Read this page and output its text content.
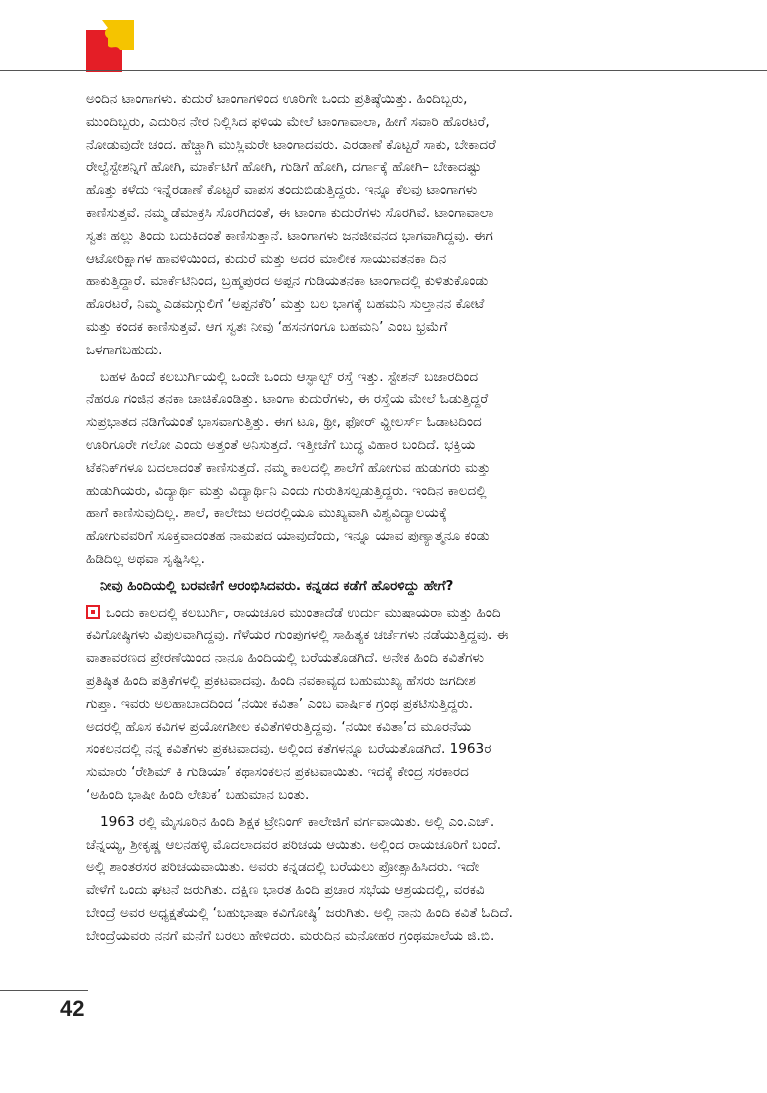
ಅಂದಿನ ಟಾಂಗಾಗಳು. ಕುದುರೆ ಟಾಂಗಾಗಳಿಂದ ಊರಿಗೇ ಒಂದು ಪ್ರತಿಷ್ಠೆಯಿತ್ತು. ಹಿಂದಿಬ್ಬರು,
ಮುಂದಿಬ್ಬರು, ಎದುರಿನ ನೇರ ನಿಲ್ಲಿಸಿದ ಫಳಿಯ ಮೇಲೆ ಟಾಂಗಾವಾಲಾ, ಹೀಗೆ ಸವಾರಿ ಹೊರಟರೆ,
ನೋಡುವುದೇ ಚಂದ. ಹೆಚ್ಚಾಗಿ ಮುಸ್ಲಿಮರೇ ಟಾಂಗಾದವರು. ಎರಡಾಣೆ ಕೊಟ್ಟರೆ ಸಾಕು, ಬೇಕಾದರೆ
ರೇಲ್ವೆಸ್ಟೇಶನ್ನಿಗೆ ಹೋಗಿ, ಮಾರ್ಕೆಟಿಗೆ ಹೋಗಿ, ಗುಡಿಗೆ ಹೋಗಿ, ದರ್ಗಾಕ್ಕೆ ಹೋಗಿ– ಬೇಕಾದಷ್ಟು
ಹೊತ್ತು ಕಳೆದು ಇನ್ನೆರಡಾಣೆ ಕೊಟ್ಟರೆ ವಾಪಸ ತಂದುಬಿಡುತ್ತಿದ್ದರು. ಇನ್ನೂ ಕೆಲವು ಟಾಂಗಾಗಳು
ಕಾಣಿಸುತ್ತವೆ. ನಮ್ಮ ಡೆಮಾಕ್ರಸಿ ಸೊರಗಿದಂತೆ, ಈ ಟಾಂಗಾ ಕುದುರೆಗಳು ಸೊರಗಿವೆ. ಟಾಂಗಾವಾಲಾ
ಸ್ವತಃ ಹಲ್ಲು ತಿಂದು ಬದುಕಿದಂತೆ ಕಾಣಿಸುತ್ತಾನೆ. ಟಾಂಗಾಗಳು ಜನಜೀವನದ ಭಾಗವಾಗಿದ್ದವು. ಈಗ
ಆಟೋರಿಕ್ಷಾಗಳ ಹಾವಳಿಯಿಂದ, ಕುದುರೆ ಮತ್ತು ಅದರ ಮಾಲೀಕ ಸಾಯುವತನಕಾ ದಿನ
ಹಾಕುತ್ತಿದ್ದಾರೆ. ಮಾರ್ಕೆಟಿನಿಂದ, ಬ್ರಹ್ಮಪುರದ ಅಪ್ಪನ ಗುಡಿಯತನಕಾ ಟಾಂಗಾದಲ್ಲಿ ಕುಳಿತುಕೊಂಡು
ಹೊರಟರೆ, ನಿಮ್ಮ ಎಡಮಗ್ಗುಲಿಗೆ ‘ಅಪ್ಪನಕೆರಿ’ ಮತ್ತು ಬಲ ಭಾಗಕ್ಕೆ ಬಹಮನಿ ಸುಲ್ತಾನನ ಕೋಟೆ
ಮತ್ತು ಕಂದಕ ಕಾಣಿಸುತ್ತವೆ. ಆಗ ಸ್ವತಃ ನೀವು ‘ಹಸನಗಂಗೂ ಬಹಮನಿ’ ಎಂಬ ಭ್ರಮೆಗೆ
ಒಳಗಾಗಬಹುದು.
ಬಹಳ ಹಿಂದೆ ಕಲಬುರ್ಗಿಯಲ್ಲಿ ಒಂದೇ ಒಂದು ಆಸ್ಫಾಲ್ಟ್ ರಸ್ತೆ ಇತ್ತು. ಸ್ಟೇಶನ್ ಬಜಾರದಿಂದ
ನೆಹರೂ ಗಂಜಿನ ತನಕಾ ಚಾಚಿಕೊಂಡಿತ್ತು. ಟಾಂಗಾ ಕುದುರೆಗಳು, ಈ ರಸ್ತೆಯ ಮೇಲೆ ಓಡುತ್ತಿದ್ದರೆ
ಸುಪ್ರಭಾತದ ನಡಿಗೆಯಂತೆ ಭಾಸವಾಗುತ್ತಿತ್ತು. ಈಗ ಟೂ, ಥ್ರೀ, ಫೋರ್ ವ್ಹೀಲರ್ಸ್ ಓಡಾಟದಿಂದ
ಊರಿಗೂರೇ ಗಲೋ ಎಂದು ಅತ್ತಂತೆ ಅನಿಸುತ್ತದೆ. ಇತ್ತೀಚೆಗೆ ಬುದ್ಧ ವಿಹಾರ ಬಂದಿದೆ. ಭಕ್ತಿಯ
ಟೆಕನಿಕ್‌ಗಳೂ ಬದಲಾದಂತೆ ಕಾಣಿಸುತ್ತದೆ. ನಮ್ಮ ಕಾಲದಲ್ಲಿ ಶಾಲೆಗೆ ಹೋಗುವ ಹುಡುಗರು ಮತ್ತು
ಹುಡುಗಿಯರು, ವಿದ್ಯಾರ್ಥಿ ಮತ್ತು ವಿದ್ಯಾರ್ಥಿನಿ ಎಂದು ಗುರುತಿಸಲ್ಪಡುತ್ತಿದ್ದರು. ಇಂದಿನ ಕಾಲದಲ್ಲಿ
ಹಾಗೆ ಕಾಣಿಸುವುದಿಲ್ಲ. ಶಾಲೆ, ಕಾಲೇಜು ಅದರಲ್ಲಿಯೂ ಮುಖ್ಯವಾಗಿ ವಿಶ್ವವಿದ್ಯಾಲಯಕ್ಕೆ
ಹೋಗುವವರಿಗೆ ಸೂಕ್ತವಾದಂತಹ ನಾಮಪದ ಯಾವುದೆಂದು, ಇನ್ನೂ ಯಾವ ಪುಣ್ಯಾತ್ಮನೂ ಕಂಡು
ಹಿಡಿದಿಲ್ಲ ಅಥವಾ ಸೃಷ್ಟಿಸಿಲ್ಲ.
ನೀವು ಹಿಂದಿಯಲ್ಲಿ ಬರವಣಿಗೆ ಆರಂಭಿಸಿದವರು. ಕನ್ನಡದ ಕಡೆಗೆ ಹೊರಳಿದ್ದು ಹೇಗೆ?
ಒಂದು ಕಾಲದಲ್ಲಿ ಕಲಬುರ್ಗಿ, ರಾಯಚೂರ ಮುಂತಾದೆಡೆ ಉರ್ದು ಮುಷಾಯರಾ ಮತ್ತು ಹಿಂದಿ
ಕವಿಗೋಷ್ಠಿಗಳು ವಿಪುಲವಾಗಿದ್ದವು. ಗೆಳೆಯರ ಗುಂಪುಗಳಲ್ಲಿ ಸಾಹಿತ್ಯಕ ಚರ್ಚೆಗಳು ನಡೆಯುತ್ತಿದ್ದವು. ಈ
ವಾತಾವರಣದ ಪ್ರೇರಣೆಯಿಂದ ನಾನೂ ಹಿಂದಿಯಲ್ಲಿ ಬರೆಯತೊಡಗಿದೆ. ಅನೇಕ ಹಿಂದಿ ಕವಿತೆಗಳು
ಪ್ರತಿಷ್ಠಿತ ಹಿಂದಿ ಪತ್ರಿಕೆಗಳಲ್ಲಿ ಪ್ರಕಟವಾದವು. ಹಿಂದಿ ನವಕಾವ್ಯದ ಬಹುಮುಖ್ಯ ಹೆಸರು ಜಗದೀಶ
ಗುಪ್ತಾ. ಇವರು ಅಲಹಾಬಾದದಿಂದ ‘ನಯೀ ಕವಿತಾ’ ಎಂಬ ವಾರ್ಷಿಕ ಗ್ರಂಥ ಪ್ರಕಟಿಸುತ್ತಿದ್ದರು.
ಅದರಲ್ಲಿ ಹೊಸ ಕವಿಗಳ ಪ್ರಯೋಗಶೀಲ ಕವಿತೆಗಳಿರುತ್ತಿದ್ದವು. ‘ನಯೀ ಕವಿತಾ’ದ ಮೂರನೆಯ
ಸಂಕಲನದಲ್ಲಿ ನನ್ನ ಕವಿತೆಗಳು ಪ್ರಕಟವಾದವು. ಅಲ್ಲಿಂದ ಕತೆಗಳನ್ನೂ ಬರೆಯತೊಡಗಿದೆ. 1963ರ
ಸುಮಾರು ‘ರೇಶಿಮ್ ಕಿ ಗುಡಿಯಾ’ ಕಥಾಸಂಕಲನ ಪ್ರಕಟವಾಯಿತು. ಇದಕ್ಕೆ ಕೇಂದ್ರ ಸರಕಾರದ
‘ಅಹಿಂದಿ ಭಾಷೀ ಹಿಂದಿ ಲೇಖಕ’ ಬಹುಮಾನ ಬಂತು.
1963 ರಲ್ಲಿ ಮೈಸೂರಿನ ಹಿಂದಿ ಶಿಕ್ಷಕ ಟ್ರೇನಿಂಗ್ ಕಾಲೇಜಿಗೆ ವರ್ಗವಾಯಿತು. ಅಲ್ಲಿ ಎಂ.ಎಚ್.
ಚೆನ್ನಯ್ಯ, ಶ್ರೀಕೃಷ್ಣ ಆಲನಹಳ್ಳಿ ಮೊದಲಾದವರ ಪರಿಚಯ ಆಯಿತು. ಅಲ್ಲಿಂದ ರಾಯಚೂರಿಗೆ ಬಂದೆ.
ಅಲ್ಲಿ ಶಾಂತರಸರ ಪರಿಚಯವಾಯಿತು. ಅವರು ಕನ್ನಡದಲ್ಲಿ ಬರೆಯಲು ಪ್ರೋತ್ಸಾಹಿಸಿದರು. ಇದೇ
ವೇಳೆಗೆ ಒಂದು ಘಟನೆ ಜರುಗಿತು. ದಕ್ಷಿಣ ಭಾರತ ಹಿಂದಿ ಪ್ರಚಾರ ಸಭೆಯ ಆಶ್ರಯದಲ್ಲಿ, ವರಕವಿ
ಬೇಂದ್ರೆ ಅವರ ಅಧ್ಯಕ್ಷತೆಯಲ್ಲಿ ‘ಬಹುಭಾಷಾ ಕವಿಗೋಷ್ಠಿ’ ಜರುಗಿತು. ಅಲ್ಲಿ ನಾನು ಹಿಂದಿ ಕವಿತೆ ಓದಿದೆ.
ಬೇಂದ್ರೆಯವರು ನನಗೆ ಮನೆಗೆ ಬರಲು ಹೇಳಿದರು. ಮರುದಿನ ಮನೋಹರ ಗ್ರಂಥಮಾಲೆಯ ಜಿ.ಬಿ.
42
